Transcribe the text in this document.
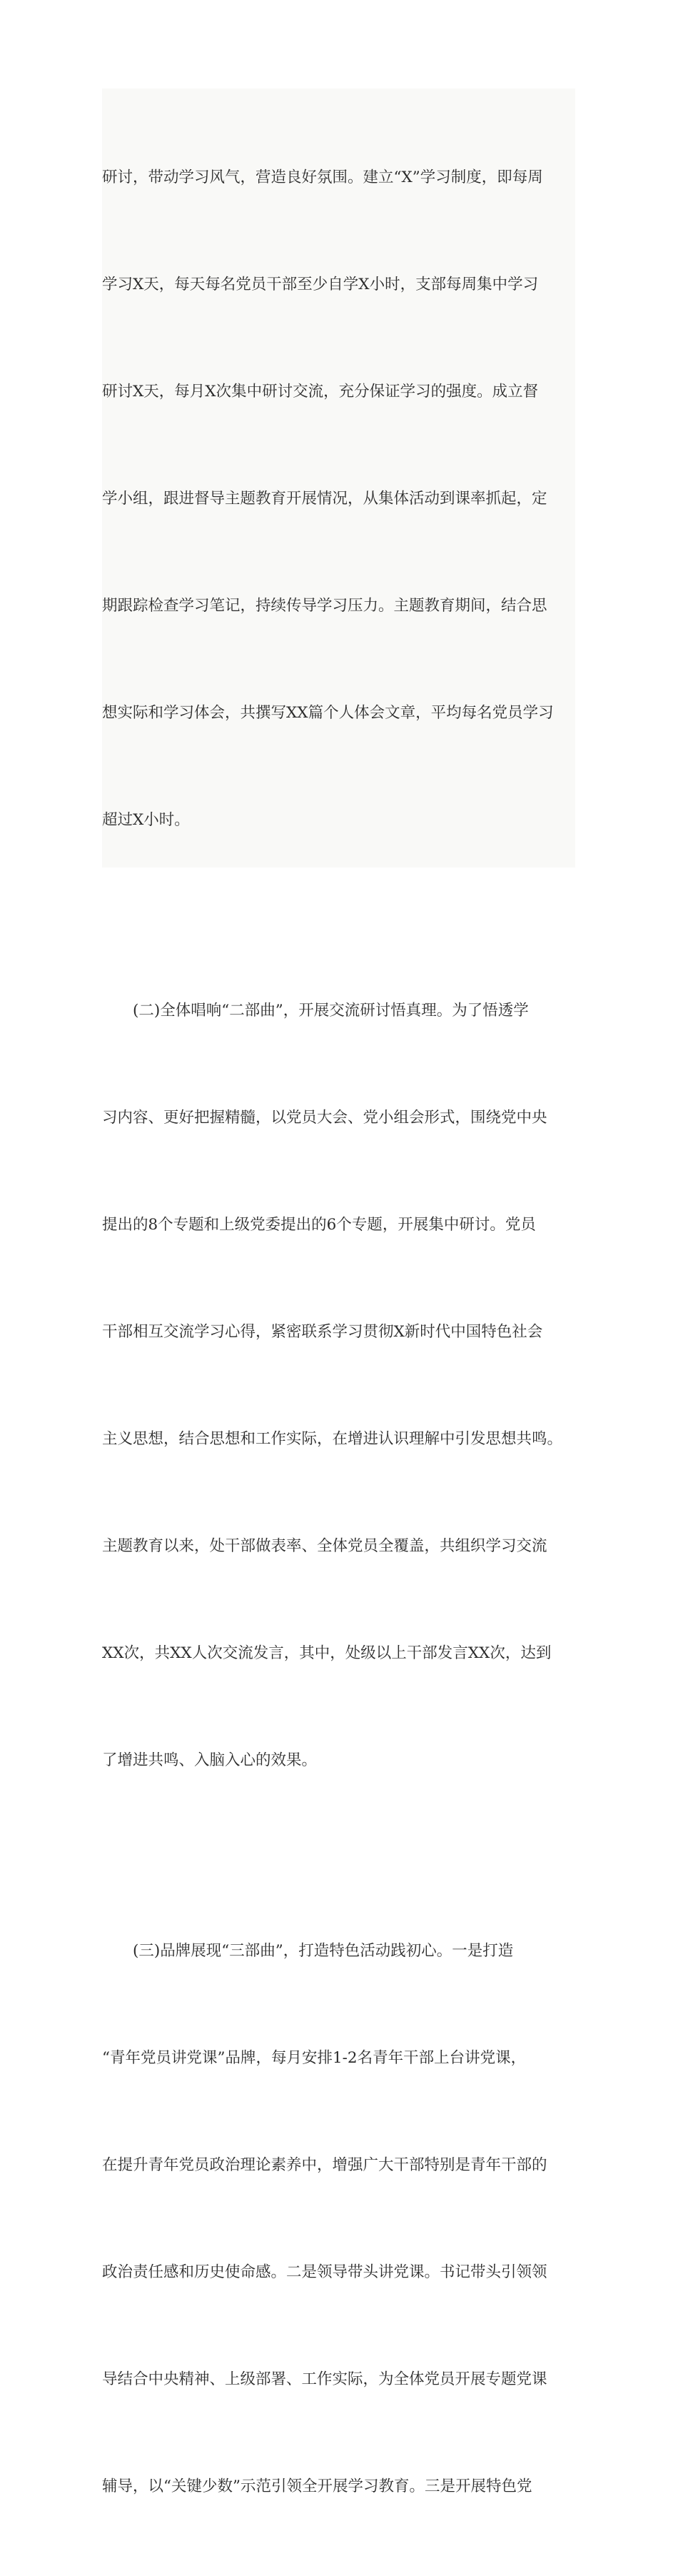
研讨，带动学习风气，营造良好氛围。建立“X”学习制度，即每周

学习X天，每天每名党员干部至少自学X小时，支部每周集中学习

研讨X天，每月X次集中研讨交流，充分保证学习的强度。成立督

学小组，跟进督导主题教育开展情况，从集体活动到课率抓起，定

期跟踪检查学习笔记，持续传导学习压力。主题教育期间，结合思

想实际和学习体会，共撰写XX篇个人体会文章，平均每名党员学习

超过X小时。

(二)全体唱响“二部曲”，开展交流研讨悟真理。为了悟透学

习内容、更好把握精髓，以党员大会、党小组会形式，围绕党中央

提出的8个专题和上级党委提出的6个专题，开展集中研讨。党员

干部相互交流学习心得，紧密联系学习贯彻X新时代中国特色社会

主义思想，结合思想和工作实际，在增进认识理解中引发思想共鸣。

主题教育以来，处干部做表率、全体党员全覆盖，共组织学习交流

XX次，共XX人次交流发言，其中，处级以上干部发言XX次，达到

了增进共鸣、入脑入心的效果。

(三)品牌展现“三部曲”，打造特色活动践初心。一是打造

“青年党员讲党课”品牌，每月安排1-2名青年干部上台讲党课，

在提升青年党员政治理论素养中，增强广大干部特别是青年干部的

政治责任感和历史使命感。二是领导带头讲党课。书记带头引领领

导结合中央精神、上级部署、工作实际，为全体党员开展专题党课

辅导，以“关键少数”示范引领全开展学习教育。三是开展特色党
